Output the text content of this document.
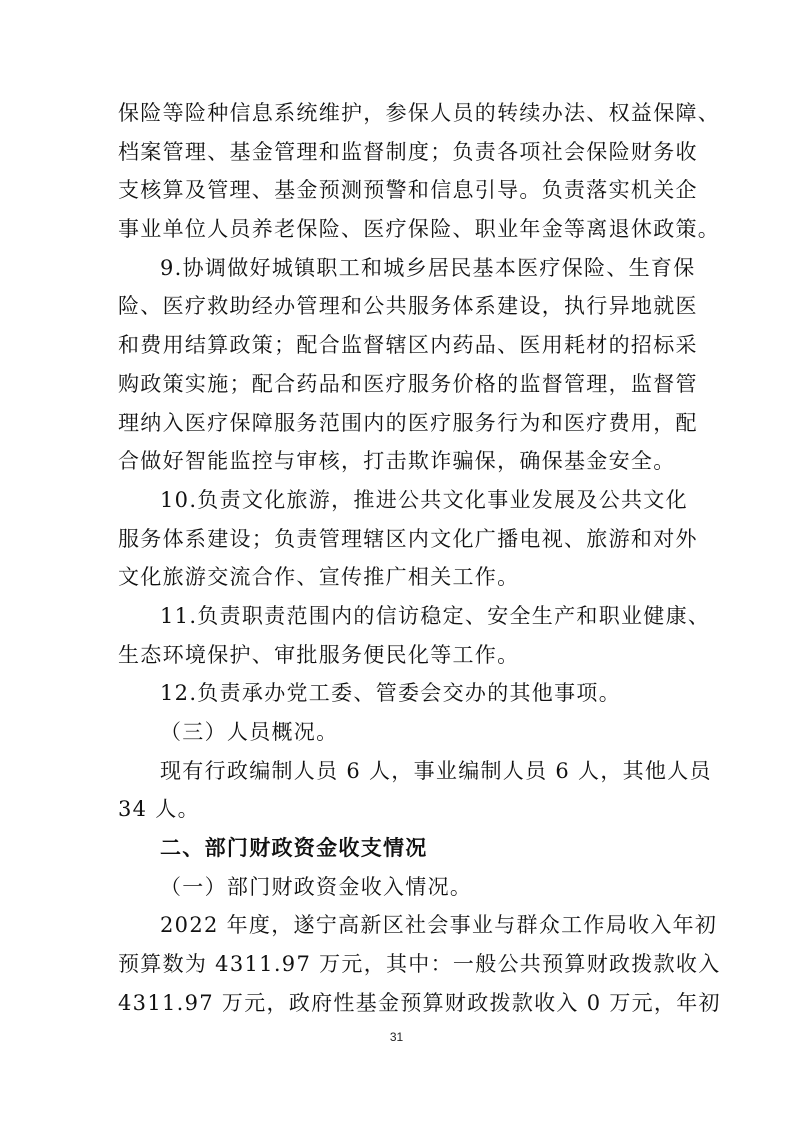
保险等险种信息系统维护，参保人员的转续办法、权益保障、
档案管理、基金管理和监督制度；负责各项社会保险财务收
支核算及管理、基金预测预警和信息引导。负责落实机关企
事业单位人员养老保险、医疗保险、职业年金等离退休政策。
9.协调做好城镇职工和城乡居民基本医疗保险、生育保
险、医疗救助经办管理和公共服务体系建设，执行异地就医
和费用结算政策；配合监督辖区内药品、医用耗材的招标采
购政策实施；配合药品和医疗服务价格的监督管理，监督管
理纳入医疗保障服务范围内的医疗服务行为和医疗费用，配
合做好智能监控与审核，打击欺诈骗保，确保基金安全。
10.负责文化旅游，推进公共文化事业发展及公共文化
服务体系建设；负责管理辖区内文化广播电视、旅游和对外
文化旅游交流合作、宣传推广相关工作。
11.负责职责范围内的信访稳定、安全生产和职业健康、
生态环境保护、审批服务便民化等工作。
12.负责承办党工委、管委会交办的其他事项。
（三）人员概况。
现有行政编制人员 6 人，事业编制人员 6 人，其他人员
34 人。
二、部门财政资金收支情况
（一）部门财政资金收入情况。
2022 年度，遂宁高新区社会事业与群众工作局收入年初
预算数为 4311.97 万元，其中：一般公共预算财政拨款收入
4311.97 万元，政府性基金预算财政拨款收入 0 万元，年初
31
